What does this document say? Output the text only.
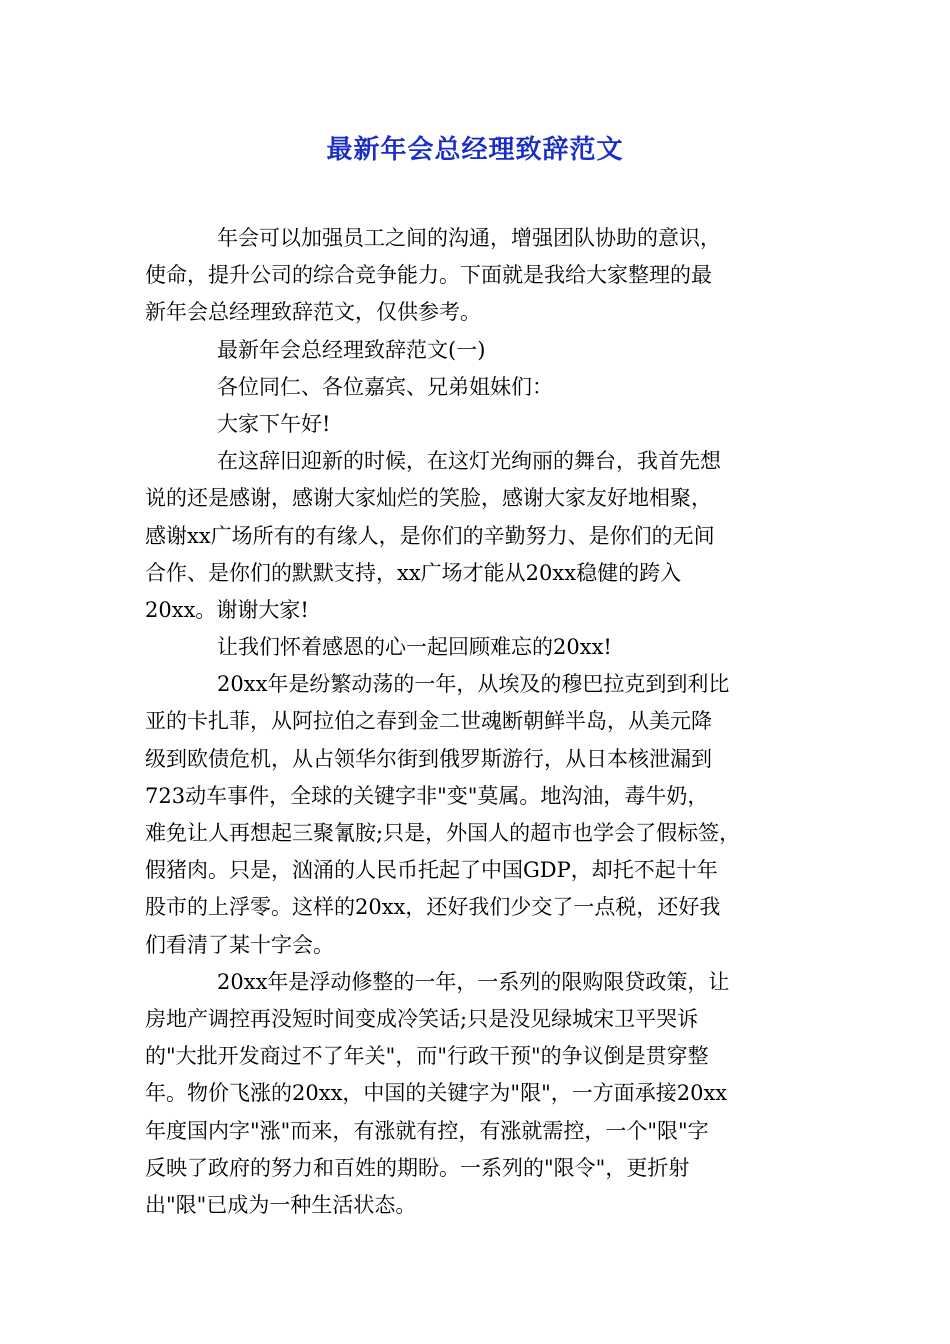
最新年会总经理致辞范文
年会可以加强员工之间的沟通，增强团队协助的意识，
使命，提升公司的综合竞争能力。下面就是我给大家整理的最
新年会总经理致辞范文，仅供参考。
最新年会总经理致辞范文(一)
各位同仁、各位嘉宾、兄弟姐妹们：
大家下午好!
在这辞旧迎新的时候，在这灯光绚丽的舞台，我首先想
说的还是感谢，感谢大家灿烂的笑脸，感谢大家友好地相聚，
感谢xx广场所有的有缘人，是你们的辛勤努力、是你们的无间
合作、是你们的默默支持，xx广场才能从20xx稳健的跨入
20xx。谢谢大家!
让我们怀着感恩的心一起回顾难忘的20xx!
20xx年是纷繁动荡的一年，从埃及的穆巴拉克到到利比
亚的卡扎菲，从阿拉伯之春到金二世魂断朝鲜半岛，从美元降
级到欧债危机，从占领华尔街到俄罗斯游行，从日本核泄漏到
723动车事件，全球的关键字非"变"莫属。地沟油，毒牛奶，
难免让人再想起三聚氰胺;只是，外国人的超市也学会了假标签，
假猪肉。只是，汹涌的人民币托起了中国GDP，却托不起十年
股市的上浮零。这样的20xx，还好我们少交了一点税，还好我
们看清了某十字会。
20xx年是浮动修整的一年，一系列的限购限贷政策，让
房地产调控再没短时间变成冷笑话;只是没见绿城宋卫平哭诉
的"大批开发商过不了年关"，而"行政干预"的争议倒是贯穿整
年。物价飞涨的20xx，中国的关键字为"限"，一方面承接20xx
年度国内字"涨"而来，有涨就有控，有涨就需控，一个"限"字
反映了政府的努力和百姓的期盼。一系列的"限令"，更折射
出"限"已成为一种生活状态。
